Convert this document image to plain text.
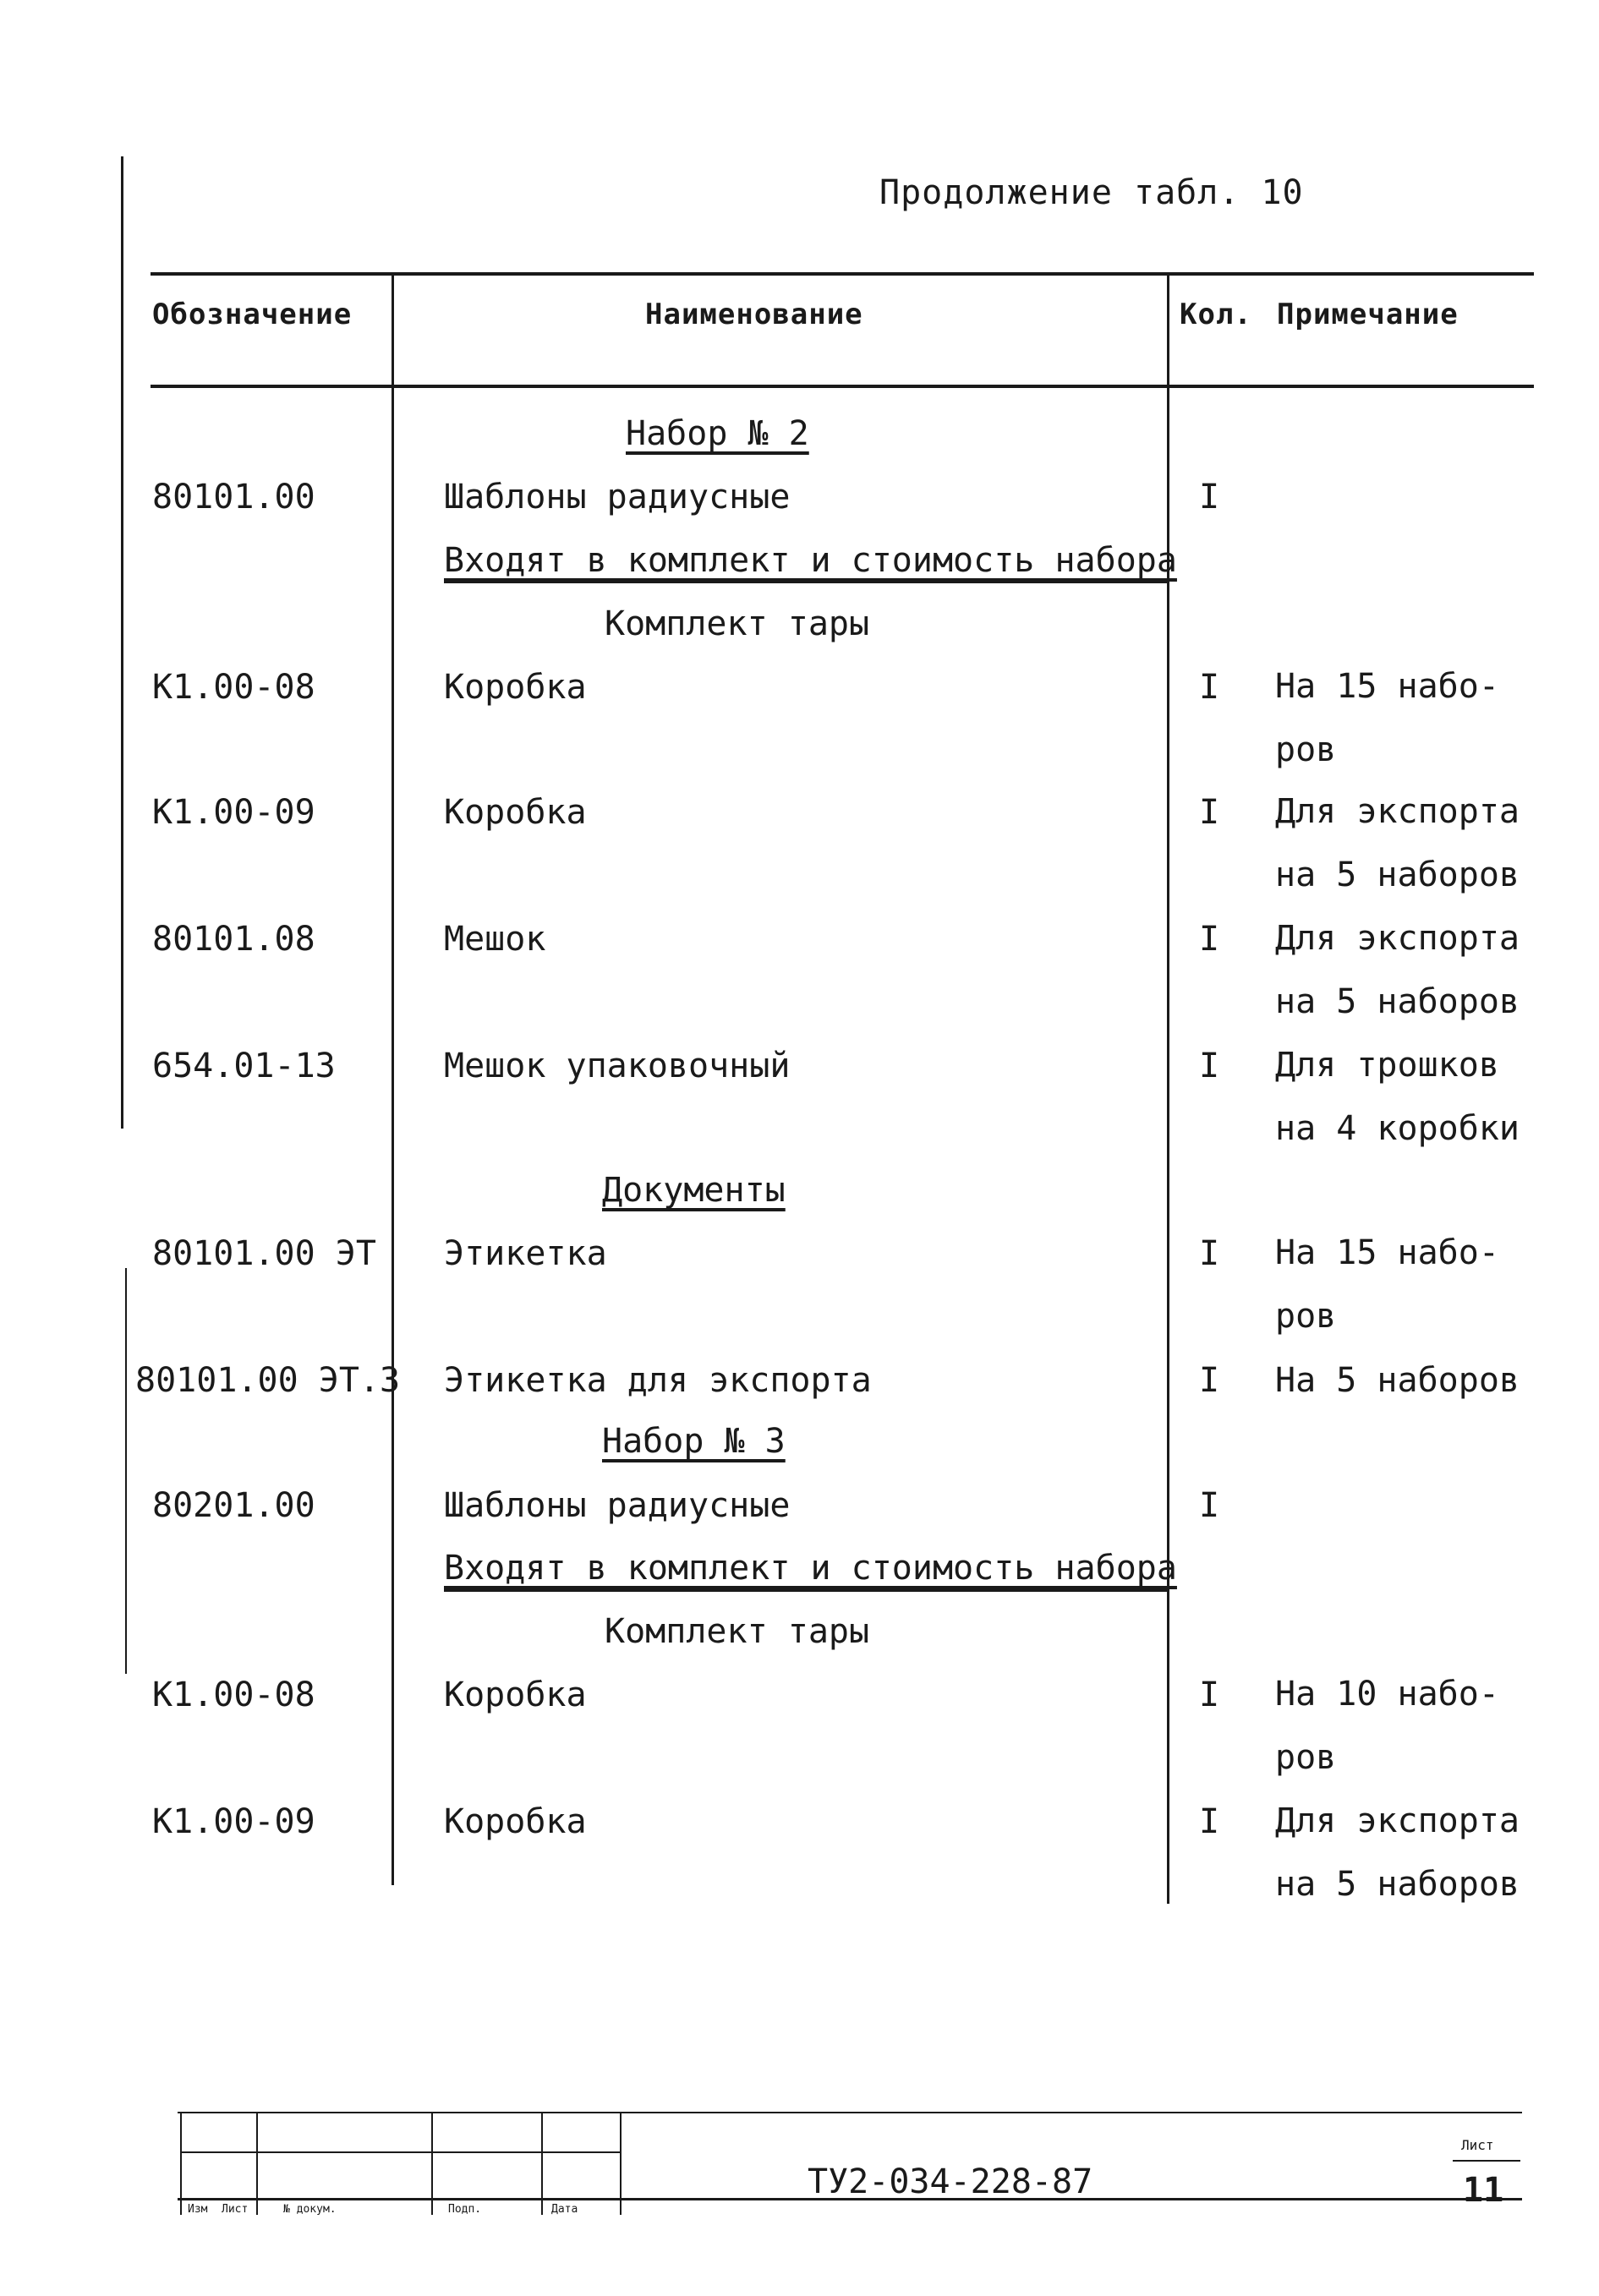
Продолжение табл. 10
Обозначение	Наименование	Кол. Примечание
Набор № 2
80101.00	Шаблоны радиусные	I
Входят в комплект и стоимость набора
Комплект тары
K1.00-08	Коробка	I На 15 набо-
ров
K1.00-09	Коробка	I Для экспорта
на 5 наборов
80101.08	Мешок	I Для экспорта
на 5 наборов
654.01-13	Мешок упаковочный	I Для трошков
на 4 коробки
Документы
80101.00 ЭТ Этикетка	I На 15 набо-
ров
80101.00 ЭТ.3 Этикетка для экспорта	I На 5 наборов
Набор № 3
80201.00	Шаблоны радиусные	I
Входят в комплект и стоимость набора
Комплект тары
K1.00-08	Коробка	I На 10 набо-
ров
K1.00-09	Коробка	I Для экспорта
на 5 наборов
Изм Лист	№ докум.	Подп.	Дата
ТУ2-034-228-87
Лист
11
